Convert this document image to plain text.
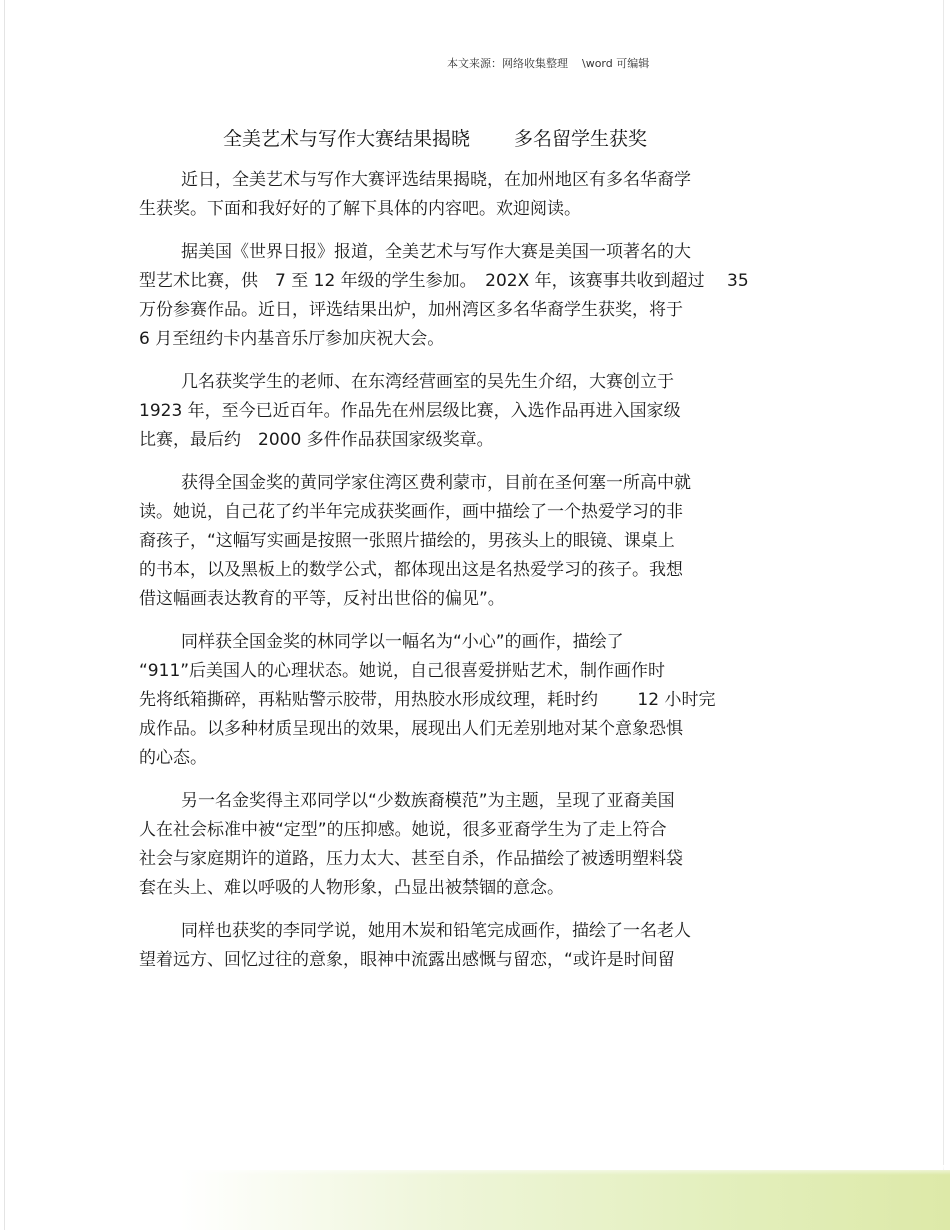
本文来源：网络收集整理 \word 可编辑
全美艺术与写作大赛结果揭晓 多名留学生获奖
近日，全美艺术与写作大赛评选结果揭晓，在加州地区有多名华裔学
生获奖。下面和我好好的了解下具体的内容吧。欢迎阅读。
据美国《世界日报》报道，全美艺术与写作大赛是美国一项著名的大
型艺术比赛，供　7 至 12 年级的学生参加。　202X 年，该赛事共收到超过　 35
万份参赛作品。近日，评选结果出炉，加州湾区多名华裔学生获奖，将于
6 月至纽约卡内基音乐厅参加庆祝大会。
几名获奖学生的老师、在东湾经营画室的吴先生介绍，大赛创立于
1923 年，至今已近百年。作品先在州层级比赛，入选作品再进入国家级
比赛，最后约　2000 多件作品获国家级奖章。
获得全国金奖的黄同学家住湾区费利蒙市，目前在圣何塞一所高中就
读。她说，自己花了约半年完成获奖画作，画中描绘了一个热爱学习的非
裔孩子，“这幅写实画是按照一张照片描绘的，男孩头上的眼镜、课桌上
的书本，以及黑板上的数学公式，都体现出这是名热爱学习的孩子。我想
借这幅画表达教育的平等，反衬出世俗的偏见”。
同样获全国金奖的林同学以一幅名为“小心”的画作，描绘了
“911”后美国人的心理状态。她说，自己很喜爱拼贴艺术，制作画作时
先将纸箱撕碎，再粘贴警示胶带，用热胶水形成纹理，耗时约　　 12 小时完
成作品。以多种材质呈现出的效果，展现出人们无差别地对某个意象恐惧
的心态。
另一名金奖得主邓同学以“少数族裔模范”为主题，呈现了亚裔美国
人在社会标准中被“定型”的压抑感。她说，很多亚裔学生为了走上符合
社会与家庭期许的道路，压力太大、甚至自杀，作品描绘了被透明塑料袋
套在头上、难以呼吸的人物形象，凸显出被禁锢的意念。
同样也获奖的李同学说，她用木炭和铅笔完成画作，描绘了一名老人
望着远方、回忆过往的意象，眼神中流露出感慨与留恋，“或许是时间留
